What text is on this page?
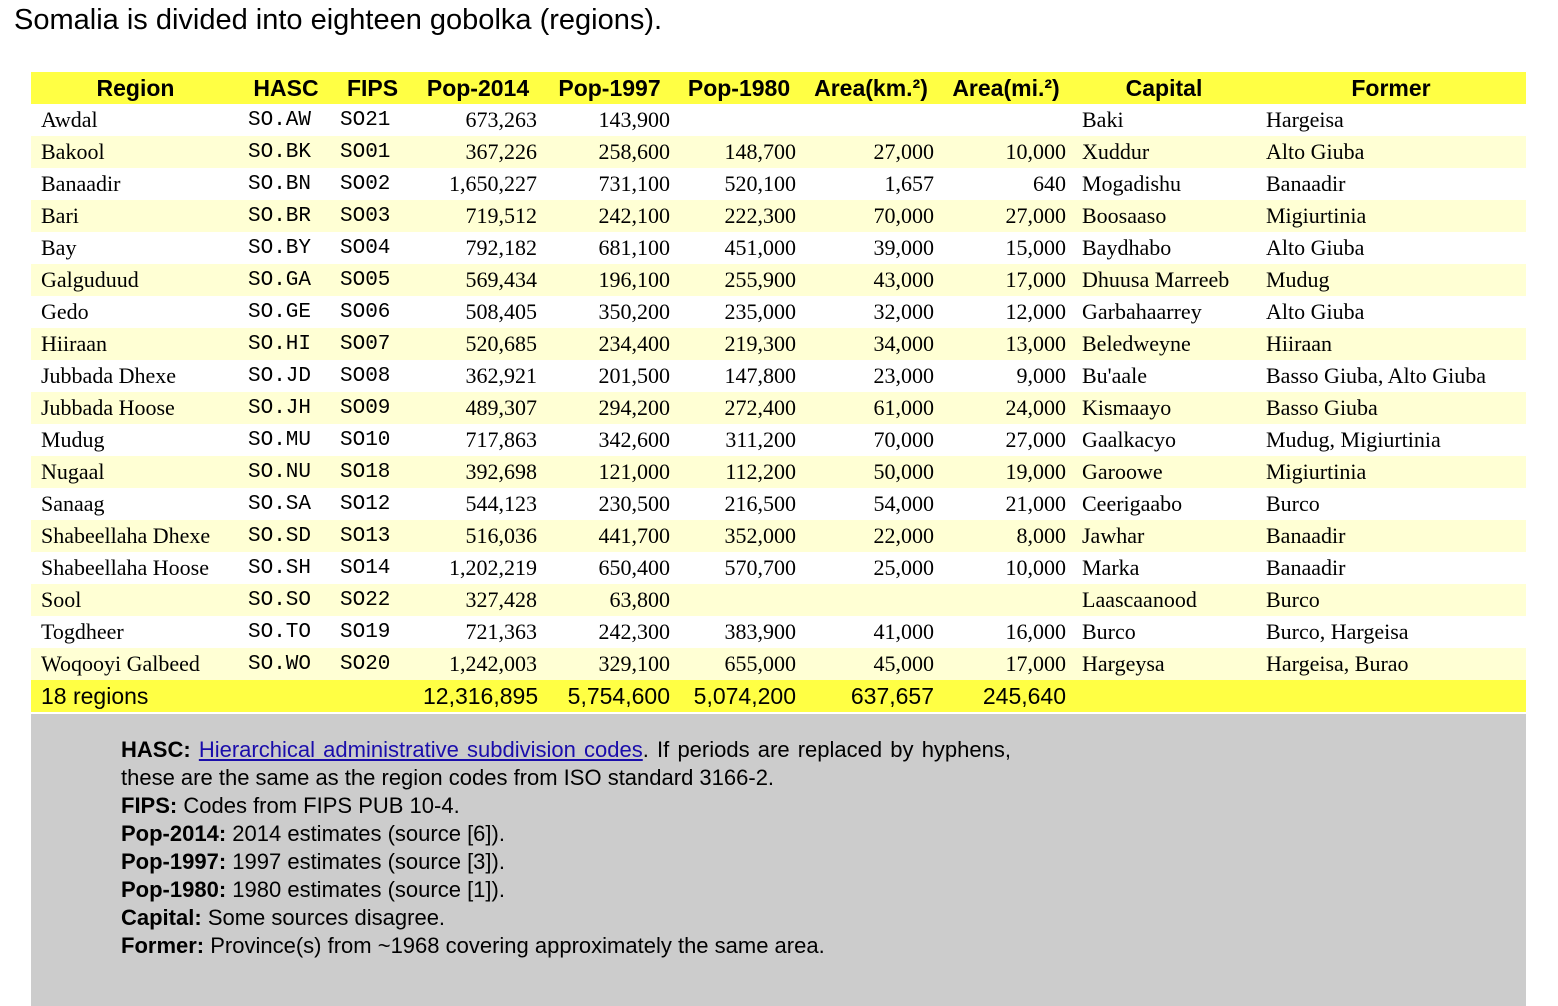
Somalia is divided into eighteen gobolka (regions).
Region	HASC	FIPS	Pop-2014	Pop-1997	Pop-1980	Area(km.²)	Area(mi.²)	Capital	Former
Awdal	SO.AW	SO21	673,263	143,900				Baki	Hargeisa
Bakool	SO.BK	SO01	367,226	258,600	148,700	27,000	10,000	Xuddur	Alto Giuba
Banaadir	SO.BN	SO02	1,650,227	731,100	520,100	1,657	640	Mogadishu	Banaadir
Bari	SO.BR	SO03	719,512	242,100	222,300	70,000	27,000	Boosaaso	Migiurtinia
Bay	SO.BY	SO04	792,182	681,100	451,000	39,000	15,000	Baydhabo	Alto Giuba
Galguduud	SO.GA	SO05	569,434	196,100	255,900	43,000	17,000	Dhuusa Marreeb	Mudug
Gedo	SO.GE	SO06	508,405	350,200	235,000	32,000	12,000	Garbahaarrey	Alto Giuba
Hiiraan	SO.HI	SO07	520,685	234,400	219,300	34,000	13,000	Beledweyne	Hiiraan
Jubbada Dhexe	SO.JD	SO08	362,921	201,500	147,800	23,000	9,000	Bu'aale	Basso Giuba, Alto Giuba
Jubbada Hoose	SO.JH	SO09	489,307	294,200	272,400	61,000	24,000	Kismaayo	Basso Giuba
Mudug	SO.MU	SO10	717,863	342,600	311,200	70,000	27,000	Gaalkacyo	Mudug, Migiurtinia
Nugaal	SO.NU	SO18	392,698	121,000	112,200	50,000	19,000	Garoowe	Migiurtinia
Sanaag	SO.SA	SO12	544,123	230,500	216,500	54,000	21,000	Ceerigaabo	Burco
Shabeellaha Dhexe	SO.SD	SO13	516,036	441,700	352,000	22,000	8,000	Jawhar	Banaadir
Shabeellaha Hoose	SO.SH	SO14	1,202,219	650,400	570,700	25,000	10,000	Marka	Banaadir
Sool	SO.SO	SO22	327,428	63,800				Laascaanood	Burco
Togdheer	SO.TO	SO19	721,363	242,300	383,900	41,000	16,000	Burco	Burco, Hargeisa
Woqooyi Galbeed	SO.WO	SO20	1,242,003	329,100	655,000	45,000	17,000	Hargeysa	Hargeisa, Burao
18 regions			12,316,895	5,754,600	5,074,200	637,657	245,640		
HASC: Hierarchical administrative subdivision codes. If periods are replaced by hyphens, these are the same as the region codes from ISO standard 3166-2.
FIPS: Codes from FIPS PUB 10-4.
Pop-2014: 2014 estimates (source [6]).
Pop-1997: 1997 estimates (source [3]).
Pop-1980: 1980 estimates (source [1]).
Capital: Some sources disagree.
Former: Province(s) from ~1968 covering approximately the same area.
